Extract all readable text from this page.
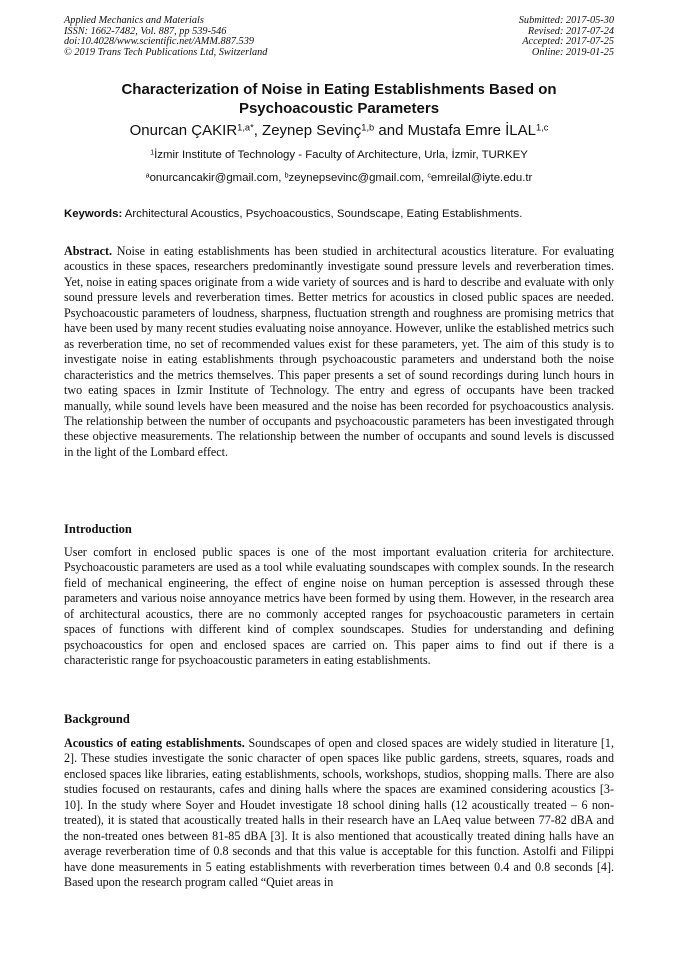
Applied Mechanics and Materials
ISSN: 1662-7482, Vol. 887, pp 539-546
doi:10.4028/www.scientific.net/AMM.887.539
© 2019 Trans Tech Publications Ltd, Switzerland
Submitted: 2017-05-30
Revised: 2017-07-24
Accepted: 2017-07-25
Online: 2019-01-25
Characterization of Noise in Eating Establishments Based on Psychoacoustic Parameters
Onurcan $ÇAKIR^{1,a*}$, Zeynep Sevinç$^{1,b}$ and Mustafa Emre İLAL$^{1,c}$
$^1$İzmir Institute of Technology - Faculty of Architecture, Urla, İzmir, TURKEY
$^a$onurcancakir@gmail.com, $^b$zeynepsevinc@gmail.com, $^c$emreilal@iyte.edu.tr
Keywords: Architectural Acoustics, Psychoacoustics, Soundscape, Eating Establishments.
Abstract. Noise in eating establishments has been studied in architectural acoustics literature. For evaluating acoustics in these spaces, researchers predominantly investigate sound pressure levels and reverberation times. Yet, noise in eating spaces originate from a wide variety of sources and is hard to describe and evaluate with only sound pressure levels and reverberation times. Better metrics for acoustics in closed public spaces are needed. Psychoacoustic parameters of loudness, sharpness, fluctuation strength and roughness are promising metrics that have been used by many recent studies evaluating noise annoyance. However, unlike the established metrics such as reverberation time, no set of recommended values exist for these parameters, yet. The aim of this study is to investigate noise in eating establishments through psychoacoustic parameters and understand both the noise characteristics and the metrics themselves. This paper presents a set of sound recordings during lunch hours in two eating spaces in Izmir Institute of Technology. The entry and egress of occupants have been tracked manually, while sound levels have been measured and the noise has been recorded for psychoacoustics analysis. The relationship between the number of occupants and psychoacoustic parameters has been investigated through these objective measurements. The relationship between the number of occupants and sound levels is discussed in the light of the Lombard effect.
Introduction
User comfort in enclosed public spaces is one of the most important evaluation criteria for architecture. Psychoacoustic parameters are used as a tool while evaluating soundscapes with complex sounds. In the research field of mechanical engineering, the effect of engine noise on human perception is assessed through these parameters and various noise annoyance metrics have been formed by using them. However, in the research area of architectural acoustics, there are no commonly accepted ranges for psychoacoustic parameters in certain spaces of functions with different kind of complex soundscapes. Studies for understanding and defining psychoacoustics for open and enclosed spaces are carried on. This paper aims to find out if there is a characteristic range for psychoacoustic parameters in eating establishments.
Background
Acoustics of eating establishments. Soundscapes of open and closed spaces are widely studied in literature [1, 2]. These studies investigate the sonic character of open spaces like public gardens, streets, squares, roads and enclosed spaces like libraries, eating establishments, schools, workshops, studios, shopping malls. There are also studies focused on restaurants, cafes and dining halls where the spaces are examined considering acoustics [3-10]. In the study where Soyer and Houdet investigate 18 school dining halls (12 acoustically treated – 6 non-treated), it is stated that acoustically treated halls in their research have an LAeq value between 77-82 dBA and the non-treated ones between 81-85 dBA [3]. It is also mentioned that acoustically treated dining halls have an average reverberation time of 0.8 seconds and that this value is acceptable for this function. Astolfi and Filippi have done measurements in 5 eating establishments with reverberation times between 0.4 and 0.8 seconds [4]. Based upon the research program called “Quiet areas in
